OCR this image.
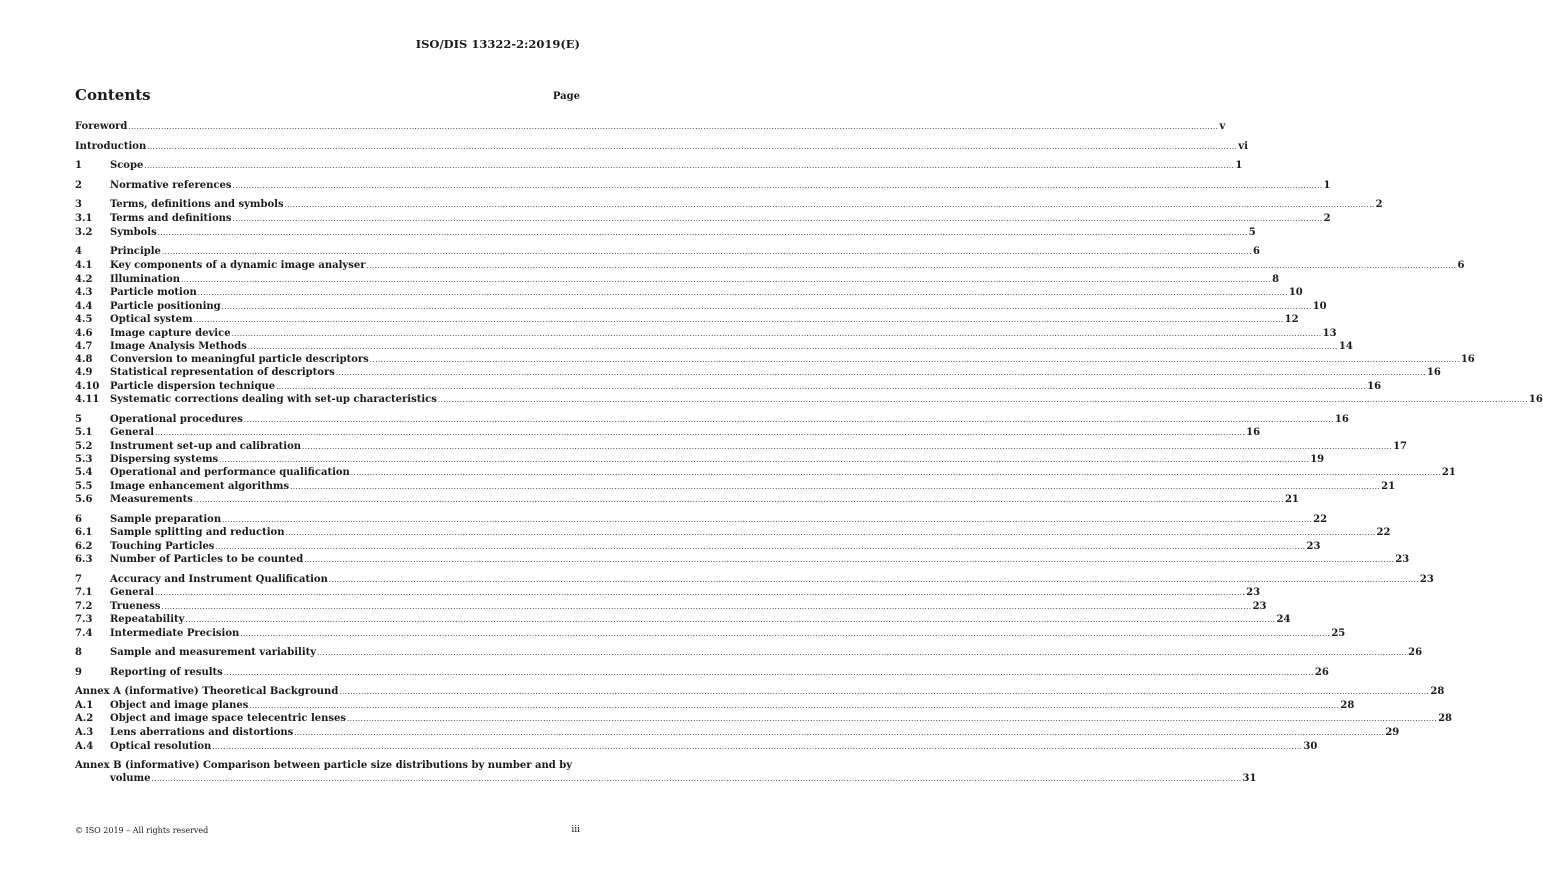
ISO/DIS 13322-2:2019(E)
Contents	Page
Foreword ................................................................................................................................................................................................................................................................................................................................................................................................................ v
Introduction ................................................................................................................................................................................................................................................................................................................................................................................................................ vi
1	Scope ................................................................................................................................................................................................................................................................................................................................................................................................................ 1
2	Normative references ................................................................................................................................................................................................................................................................................................................................................................................................................ 1
3	Terms, definitions and symbols ................................................................................................................................................................................................................................................................................................................................................................................................................ 2
3.1	Terms and definitions ................................................................................................................................................................................................................................................................................................................................................................................................................ 2
3.2	Symbols ................................................................................................................................................................................................................................................................................................................................................................................................................ 5
4	Principle ................................................................................................................................................................................................................................................................................................................................................................................................................ 6
4.1	Key components of a dynamic image analyser ................................................................................................................................................................................................................................................................................................................................................................................................................ 6
4.2	Illumination ................................................................................................................................................................................................................................................................................................................................................................................................................ 8
4.3	Particle motion ................................................................................................................................................................................................................................................................................................................................................................................................................ 10
4.4	Particle positioning ................................................................................................................................................................................................................................................................................................................................................................................................................ 10
4.5	Optical system ................................................................................................................................................................................................................................................................................................................................................................................................................ 12
4.6	Image capture device ................................................................................................................................................................................................................................................................................................................................................................................................................ 13
4.7	Image Analysis Methods ................................................................................................................................................................................................................................................................................................................................................................................................................ 14
4.8	Conversion to meaningful particle descriptors ................................................................................................................................................................................................................................................................................................................................................................................................................ 16
4.9	Statistical representation of descriptors ................................................................................................................................................................................................................................................................................................................................................................................................................ 16
4.10	Particle dispersion technique ................................................................................................................................................................................................................................................................................................................................................................................................................ 16
4.11	Systematic corrections dealing with set-up characteristics ................................................................................................................................................................................................................................................................................................................................................................................................................ 16
5	Operational procedures ................................................................................................................................................................................................................................................................................................................................................................................................................ 16
5.1	General ................................................................................................................................................................................................................................................................................................................................................................................................................ 16
5.2	Instrument set-up and calibration ................................................................................................................................................................................................................................................................................................................................................................................................................ 17
5.3	Dispersing systems ................................................................................................................................................................................................................................................................................................................................................................................................................ 19
5.4	Operational and performance qualification ................................................................................................................................................................................................................................................................................................................................................................................................................ 21
5.5	Image enhancement algorithms ................................................................................................................................................................................................................................................................................................................................................................................................................ 21
5.6	Measurements ................................................................................................................................................................................................................................................................................................................................................................................................................ 21
6	Sample preparation ................................................................................................................................................................................................................................................................................................................................................................................................................ 22
6.1	Sample splitting and reduction ................................................................................................................................................................................................................................................................................................................................................................................................................ 22
6.2	Touching Particles ................................................................................................................................................................................................................................................................................................................................................................................................................ 23
6.3	Number of Particles to be counted ................................................................................................................................................................................................................................................................................................................................................................................................................ 23
7	Accuracy and Instrument Qualification ................................................................................................................................................................................................................................................................................................................................................................................................................ 23
7.1	General ................................................................................................................................................................................................................................................................................................................................................................................................................ 23
7.2	Trueness ................................................................................................................................................................................................................................................................................................................................................................................................................ 23
7.3	Repeatability ................................................................................................................................................................................................................................................................................................................................................................................................................ 24
7.4	Intermediate Precision ................................................................................................................................................................................................................................................................................................................................................................................................................ 25
8	Sample and measurement variability ................................................................................................................................................................................................................................................................................................................................................................................................................ 26
9	Reporting of results ................................................................................................................................................................................................................................................................................................................................................................................................................ 26
Annex A (informative) Theoretical Background ................................................................................................................................................................................................................................................................................................................................................................................................................ 28
A.1	Object and image planes ................................................................................................................................................................................................................................................................................................................................................................................................................ 28
A.2	Object and image space telecentric lenses ................................................................................................................................................................................................................................................................................................................................................................................................................ 28
A.3	Lens aberrations and distortions ................................................................................................................................................................................................................................................................................................................................................................................................................ 29
A.4	Optical resolution ................................................................................................................................................................................................................................................................................................................................................................................................................ 30
Annex B (informative) Comparison between particle size distributions by number and by
volume ................................................................................................................................................................................................................................................................................................................................................................................................................ 31
© ISO 2019 – All rights reserved	iii
